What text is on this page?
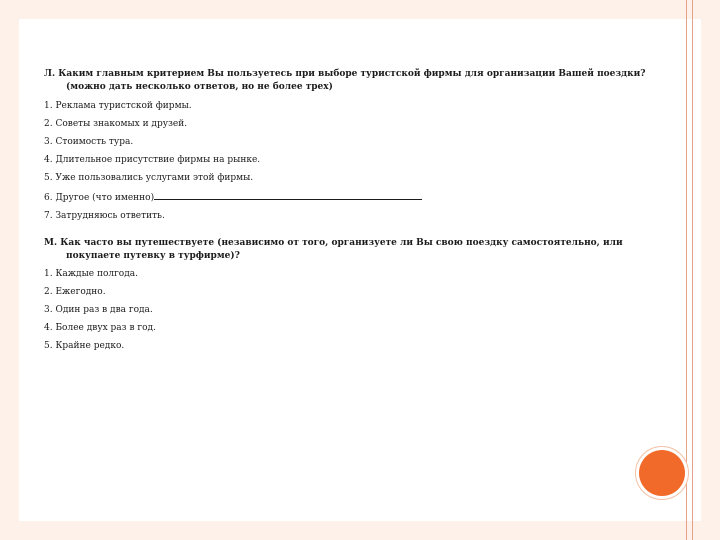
Л. Каким главным критерием Вы пользуетесь при выборе туристской фирмы для организации Вашей поездки?
(можно дать несколько ответов, но не более трех)

1. Реклама туристской фирмы.

2. Советы знакомых и друзей.

3. Стоимость тура.

4. Длительное присутствие фирмы на рынке.

5. Уже пользовались услугами этой фирмы.

6. Другое (что именно)

7. Затрудняюсь ответить.

М. Как часто вы путешествуете (независимо от того, организуете ли Вы свою поездку самостоятельно, или
покупаете путевку в турфирме)?

1. Каждые полгода.

2. Ежегодно.

3. Один раз в два года.

4. Более двух раз в год.

5. Крайне редко.
